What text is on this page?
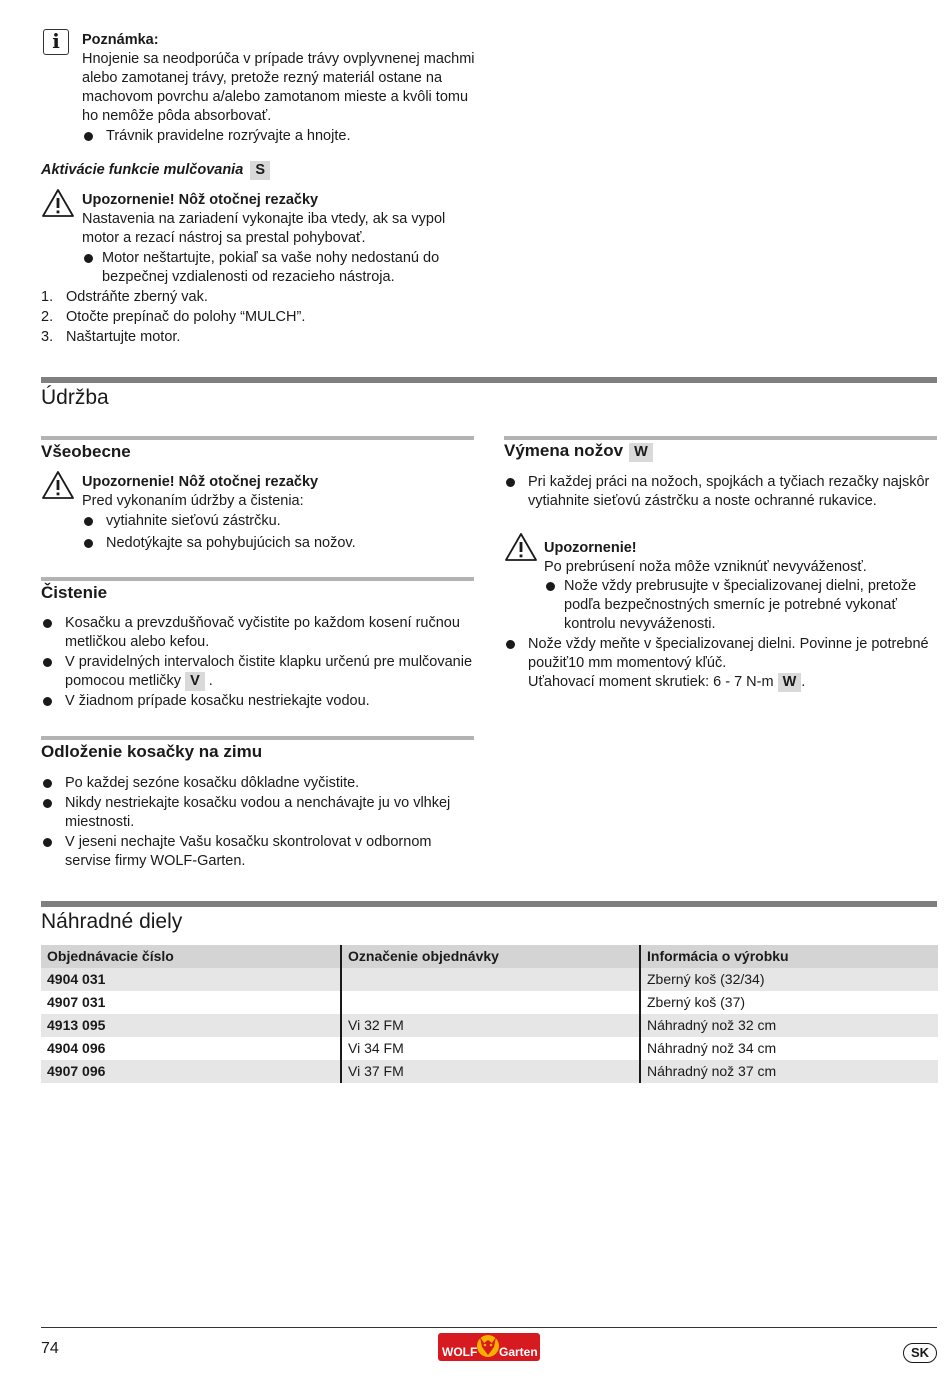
i	Poznámka:

Hnojenie sa neodporúča v prípade trávy ovplyvnenej machmi alebo zamotanej trávy, pretože rezný materiál ostane na machovom povrchu a/alebo zamotanom mieste a kvôli tomu ho nemôže pôda absorbovať.

Trávnik pravidelne rozrývajte a hnojte.
Aktivácie funkcie mulčovania S

Upozornenie! Nôž otočnej rezačky

Nastavenia na zariadení vykonajte iba vtedy, ak sa vypol motor a rezací nástroj sa prestal pohybovať.

Motor neštartujte, pokiaľ sa vaše nohy nedostanú do bezpečnej vzdialenosti od rezacieho nástroja.
1. Odstráňte zberný vak.
2. Otočte prepínač do polohy “MULCH”.
3. Naštartujte motor.
Údržba
Všeobecne

Upozornenie! Nôž otočnej rezačky

Pred vykonaním údržby a čistenia:

vytiahnite sieťovú zástrčku.
Nedotýkajte sa pohybujúcich sa nožov.
Čistenie
Kosačku a prevzdušňovač vyčistite po každom kosení ručnou metličkou alebo kefou.
V pravidelných intervaloch čistite klapku určenú pre mulčovanie pomocou metličky V .
V žiadnom prípade kosačku nestriekajte vodou.
Odloženie kosačky na zimu
Po každej sezóne kosačku dôkladne vyčistite.
Nikdy nestriekajte kosačku vodou a nenchávajte ju vo vlhkej miestnosti.
V jeseni nechajte Vašu kosačku skontrolovat v odbornom servise firmy WOLF-Garten.
Výmena nožov W
Pri každej práci na nožoch, spojkách a tyčiach rezačky najskôr vytiahnite sieťovú zástrčku a noste ochranné rukavice.

Upozornenie!

Po prebrúsení noža môže vzniknúť nevyváženosť.

Nože vždy prebrusujte v špecializovanej dielni, pretože podľa bezpečnostných smerníc je potrebné vykonať kontrolu nevyváženosti.
Nože vždy meňte v špecializovanej dielni. Povinne je potrebné použiť10 mm momentový kľúč.
Uťahovací moment skrutiek: 6 - 7 N-m W .
Náhradné diely
Objednávacie číslo	Označenie objednávky	Informácia o výrobku
4904 031		Zberný koš (32/34)
4907 031		Zberný koš (37)
4913 095	Vi 32 FM	Náhradný nož 32 cm
4904 096	Vi 34 FM	Náhradný nož 34 cm
4907 096	Vi 37 FM	Náhradný nož 37 cm
74	WOLF Garten	SK
